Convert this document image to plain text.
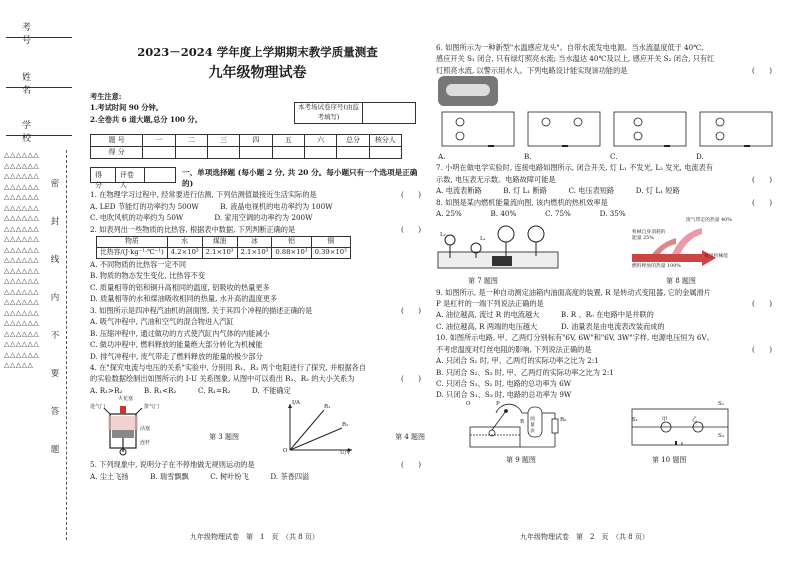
考 号
姓 名
学 校
△△△△△△△△△△△△△△△△△△△△△△△△△△△△△△△△△△△△△△△△△△△△△△△△△△△△△△△△△△△△△△△△△△△△△△△△△△△△△△△△△△△△△△△△△△△△△△△△△△△△△△△△△△△△△△△△△△△△△△△△△△△△△
密
封
线
内
不
要
答
题
2023－2024 学年度上学期期末教学质量测查
九年级物理试卷
考生注意:
1.考试时间 90 分钟。
2.全卷共 6 道大题,总分 100 分。
本考场试卷序号(由监考填写)
题 号	一	二	三	四	五	六	总分	核分人
得 分								
得 分
评卷人
一、单项选择题 (每小题 2 分, 共 20 分。每小题只有一个选项是正确的)
1. 在物理学习过程中, 经常要进行估测, 下列估测值最接近生活实际的是	(　　)
A. LED 节能灯的功率约为 500W　　　B. 液晶电视机的电功率约为 100W
C. 电吹风机的功率约为 50W　　　　 D. 家用空调的功率约为 200W
2. 如表列出一些物质的比热容, 根据表中数据, 下列判断正确的是	(　　)
物质	水	煤油	冰	铝	铜
比热容/(J·kg⁻¹·℃⁻¹)	4.2×10³	2.1×10³	2.1×10³	0.88×10³	0.39×10³
A. 不同物质的比热容一定不同
B. 物质的物态发生变化, 比热容不变
C. 质量相等的铝和铜升高相同的温度, 铝吸收的热量更多
D. 质量相等的水和煤油吸收相同的热量, 水升高的温度更多
3. 如图所示是四冲程汽油机的剖面图, 关于其四个冲程的描述正确的是	(　　)
A. 吸气冲程中, 汽油和空气的混合物进入汽缸
B. 压缩冲程中, 通过做功的方式使汽缸内气体的内能减小
C. 做功冲程中, 燃料释放的能量绝大部分转化为机械能
D. 排气冲程中, 废气带走了燃料释放的能量的极少部分
4. 在"探究电流与电压的关系"实验中, 分别用 R₁、R₂ 两个电阻进行了探究, 并根据各自
的实验数据绘制出如图所示的 I-U 关系图象, 从图中可以看出 R₁、R₂ 的大小关系为	(　　)
A. R₁>R₂　　　B. R₁<R₂　　　C. R₁=R₂　　　D. 不能确定
进气门
火花塞
排气门
活塞
连杆
第 3 题图
I/A
U/V
O
R₁
R₂
第 4 题图
5. 下列现象中, 说明分子在不停地做无规则运动的是	(　　)
A. 尘土飞扬　　　B. 瑞雪飘飘　　　C. 树叶纷飞　　　D. 茶香四溢
6. 如图所示为一种新型"水温感应龙头"。自带水流发电电源。当水流温度低于 40℃,
感应开关 S₁ 闭合, 只有绿灯照亮水流; 当水温达 40℃及以上, 感应开关 S₂ 闭合, 只有红
灯照亮水流, 以警示用水人。下列电路设计能实现该功能的是	(　　)
A.	B.	C.	D.
7. 小明在做电学实验时, 连接电路如图所示, 闭合开关, 灯 L₁ 不发光, L₂ 发光, 电流表有
示数, 电压表无示数。电路故障可能是	(　　)
A. 电流表断路　　　B. 灯 L₁ 断路　　　C. 电压表短路　　　D. 灯 L₁ 短路
8. 如图是某内燃机能量流向图, 该内燃机的热机效率是	(　　)
A. 25%　　　　B. 40%　　　　C. 75%　　　　D. 35%
L₂
L₁
第 7 题图
废气带走的热量 40%
机械自身消耗的能量 25%
燃料释放的热量 100%
有用机械能
第 8 题图
9. 如图所示, 是一种自动测定油箱内油面高度的装置, R 是转动式变阻器, 它的金属滑片
P 是杠杆的一端下列说法正确的是	(　　)
A. 油位越高, 流过 R 的电流越大　　　B. R 、R₀ 在电路中是并联的
C. 油位越高, R 两端的电压越大　　　 D. 油量表是由电流表改装而成的
10. 如图所示电路, 甲、乙两灯分别标有"6V, 6W"和"6V, 3W"字样, 电源电压恒为 6V。
不考虑温度对灯丝电阻的影响, 下列说法正确的是	(　　)
A. 只闭合 S₁ 时, 甲、乙两灯的实际功率之比为 2:1
B. 只闭合 S₂、S₃ 时, 甲、乙两灯的实际功率之比为 2:1
C. 只闭合 S₁、S₂ 时, 电路的总功率为 6W
D. 只闭合 S₁、S₃ 时, 电路的总功率为 9W
O	P
R	R₀
油量表
第 9 题图
S₁	甲	乙
S₂
S₃
第 10 题图
九年级物理试卷　第　1　页　（共 8 页）	九年级物理试卷　第　2　页　（共 8 页）
